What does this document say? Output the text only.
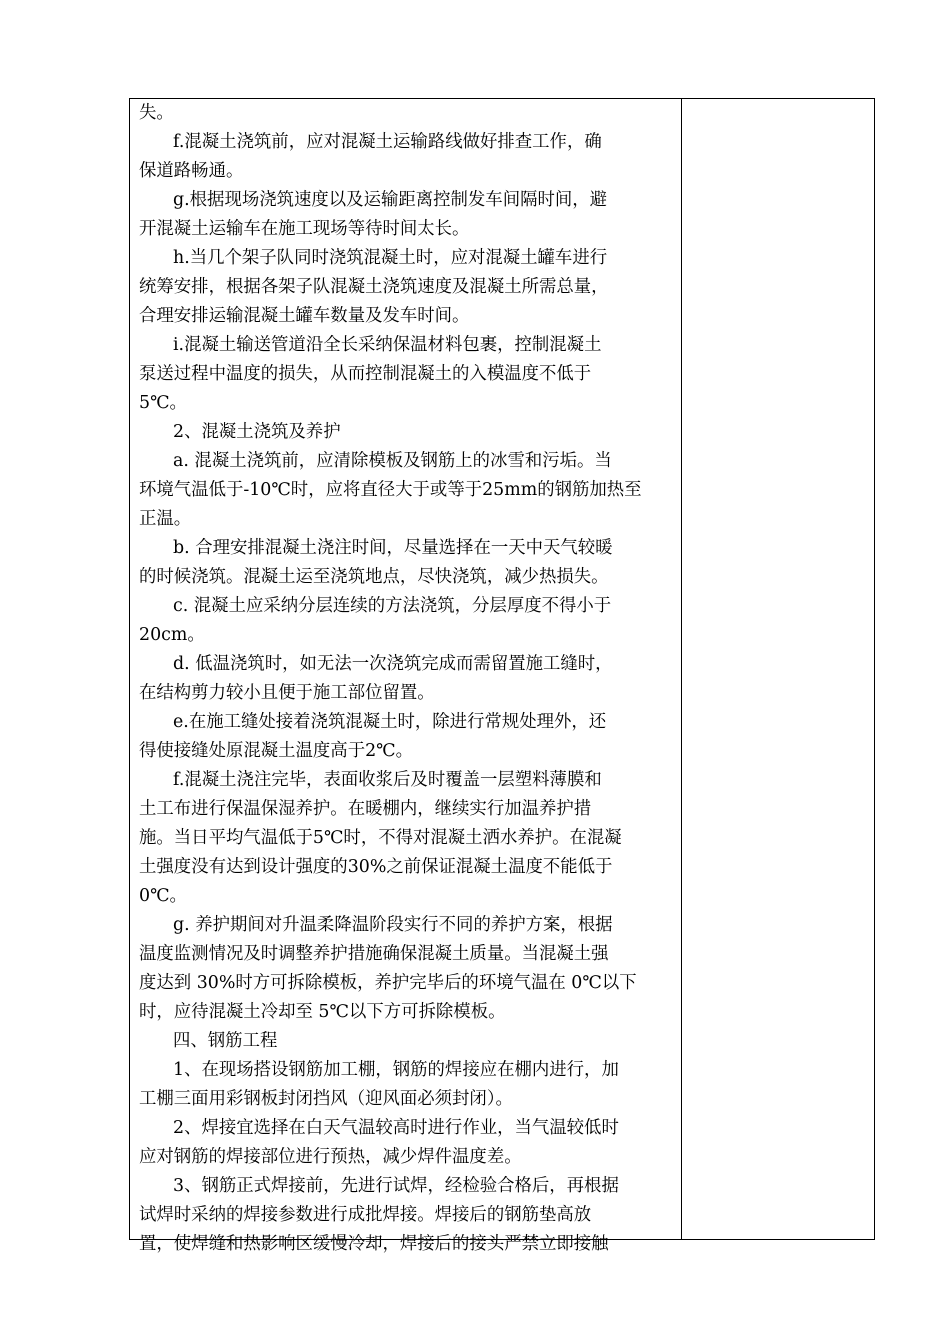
失。

f.混凝土浇筑前，应对混凝土运输路线做好排查工作，确

保道路畅通。

g.根据现场浇筑速度以及运输距离控制发车间隔时间，避

开混凝土运输车在施工现场等待时间太长。

h.当几个架子队同时浇筑混凝土时，应对混凝土罐车进行

统筹安排，根据各架子队混凝土浇筑速度及混凝土所需总量，

合理安排运输混凝土罐车数量及发车时间。

i.混凝土输送管道沿全长采纳保温材料包裹，控制混凝土

泵送过程中温度的损失，从而控制混凝土的入模温度不低于

5℃。

2、混凝土浇筑及养护

a. 混凝土浇筑前，应清除模板及钢筋上的冰雪和污垢。当

环境气温低于-10℃时，应将直径大于或等于25mm的钢筋加热至

正温。

b. 合理安排混凝土浇注时间，尽量选择在一天中天气较暖

的时候浇筑。混凝土运至浇筑地点，尽快浇筑，减少热损失。

c. 混凝土应采纳分层连续的方法浇筑，分层厚度不得小于

20cm。

d. 低温浇筑时，如无法一次浇筑完成而需留置施工缝时，

在结构剪力较小且便于施工部位留置。

e.在施工缝处接着浇筑混凝土时，除进行常规处理外，还

得使接缝处原混凝土温度高于2℃。

f.混凝土浇注完毕，表面收浆后及时覆盖一层塑料薄膜和

土工布进行保温保湿养护。在暖棚内，继续实行加温养护措

施。当日平均气温低于5℃时，不得对混凝土洒水养护。在混凝

土强度没有达到设计强度的30%之前保证混凝土温度不能低于

0℃。

g. 养护期间对升温柔降温阶段实行不同的养护方案，根据

温度监测情况及时调整养护措施确保混凝土质量。当混凝土强

度达到 30%时方可拆除模板，养护完毕后的环境气温在 0℃以下

时，应待混凝土冷却至 5℃以下方可拆除模板。

四、钢筋工程

1、在现场搭设钢筋加工棚，钢筋的焊接应在棚内进行，加

工棚三面用彩钢板封闭挡风（迎风面必须封闭）。

2、焊接宜选择在白天气温较高时进行作业，当气温较低时

应对钢筋的焊接部位进行预热，减少焊件温度差。

3、钢筋正式焊接前，先进行试焊，经检验合格后，再根据

试焊时采纳的焊接参数进行成批焊接。焊接后的钢筋垫高放

置，使焊缝和热影响区缓慢冷却，焊接后的接头严禁立即接触
